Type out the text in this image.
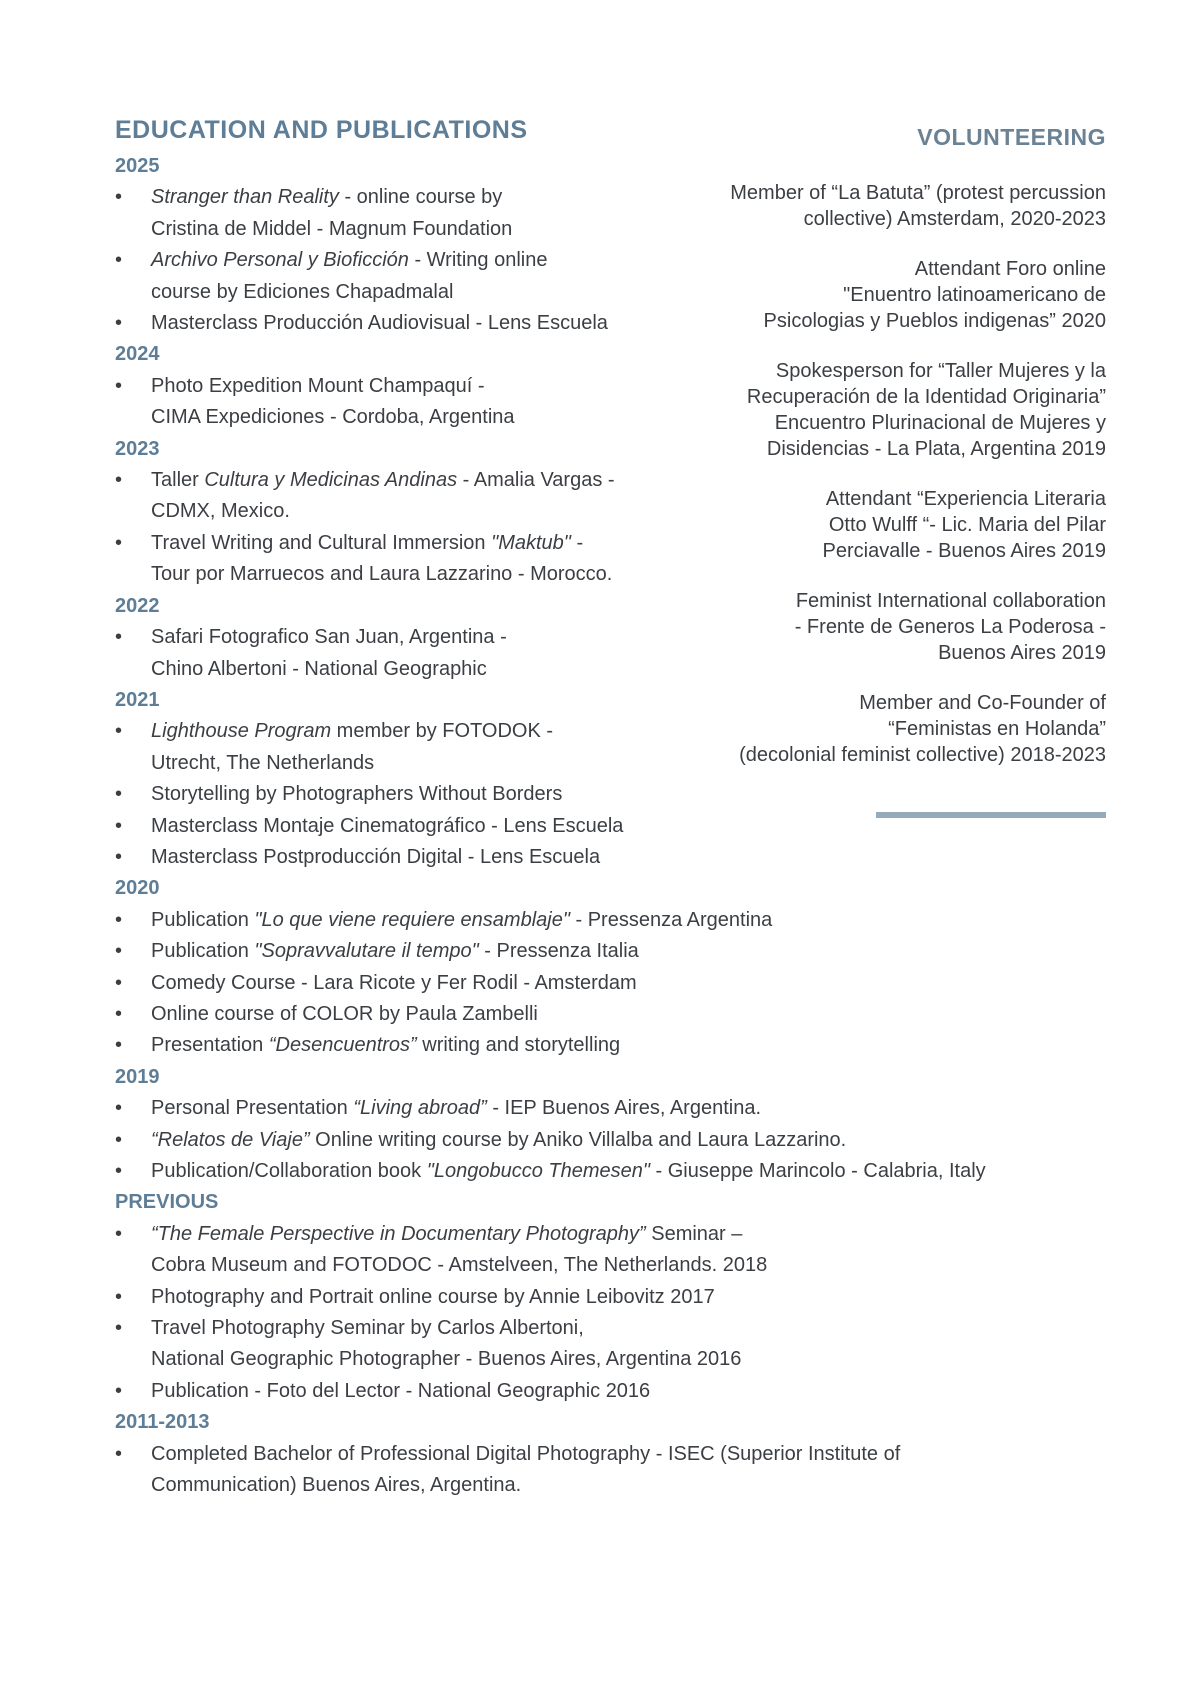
EDUCATION AND PUBLICATIONS	VOLUNTEERING
2025
• Stranger than Reality - online course by
Cristina de Middel - Magnum Foundation
• Archivo Personal y Bioficción - Writing online
course by Ediciones Chapadmalal
• Masterclass Producción Audiovisual - Lens Escuela
2024
• Photo Expedition Mount Champaquí -
CIMA Expediciones - Cordoba, Argentina
2023
• Taller Cultura y Medicinas Andinas - Amalia Vargas -
CDMX, Mexico.
• Travel Writing and Cultural Immersion "Maktub" -
Tour por Marruecos and Laura Lazzarino - Morocco.
2022
• Safari Fotografico San Juan, Argentina -
Chino Albertoni - National Geographic
2021
• Lighthouse Program member by FOTODOK -
Utrecht, The Netherlands
• Storytelling by Photographers Without Borders
• Masterclass Montaje Cinematográfico - Lens Escuela
• Masterclass Postproducción Digital - Lens Escuela
2020
• Publication "Lo que viene requiere ensamblaje" - Pressenza Argentina
• Publication "Sopravvalutare il tempo" - Pressenza Italia
• Comedy Course - Lara Ricote y Fer Rodil - Amsterdam
• Online course of COLOR by Paula Zambelli
• Presentation “Desencuentros” writing and storytelling
2019
• Personal Presentation “Living abroad” - IEP Buenos Aires, Argentina.
• “Relatos de Viaje” Online writing course by Aniko Villalba and Laura Lazzarino.
• Publication/Collaboration book "Longobucco Themesen" - Giuseppe Marincolo - Calabria, Italy
PREVIOUS
• “The Female Perspective in Documentary Photography” Seminar –
Cobra Museum and FOTODOC - Amstelveen, The Netherlands. 2018
• Photography and Portrait online course by Annie Leibovitz 2017
• Travel Photography Seminar by Carlos Albertoni,
National Geographic Photographer - Buenos Aires, Argentina 2016
• Publication - Foto del Lector - National Geographic 2016
2011-2013
• Completed Bachelor of Professional Digital Photography - ISEC (Superior Institute of
Communication) Buenos Aires, Argentina.
Member of “La Batuta” (protest percussion
collective) Amsterdam, 2020-2023
Attendant Foro online
"Enuentro latinoamericano de
Psicologias y Pueblos indigenas” 2020
Spokesperson for “Taller Mujeres y la
Recuperación de la Identidad Originaria”
Encuentro Plurinacional de Mujeres y
Disidencias - La Plata, Argentina 2019
Attendant “Experiencia Literaria
Otto Wulff “- Lic. Maria del Pilar
Perciavalle - Buenos Aires 2019
Feminist International collaboration
- Frente de Generos La Poderosa -
Buenos Aires 2019
Member and Co-Founder of
“Feministas en Holanda”
(decolonial feminist collective) 2018-2023
